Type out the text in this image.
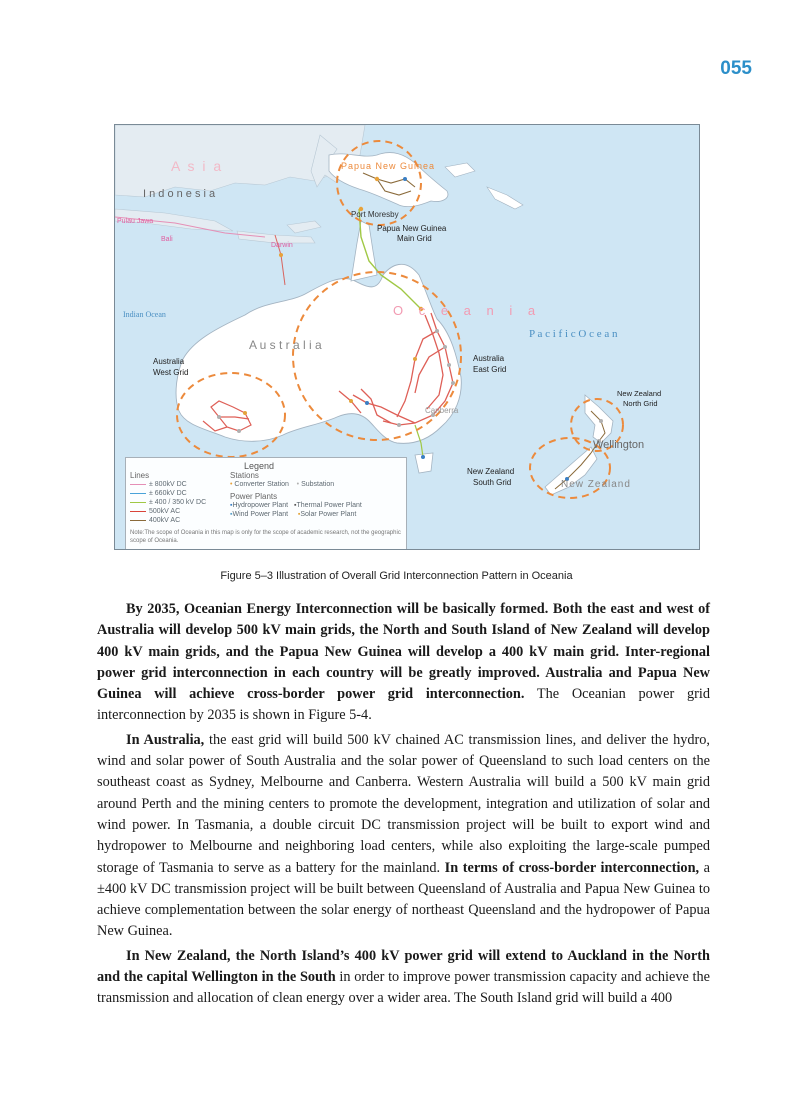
055
A s i a
I n d o n e s i a
Pulau Jawa
Bali
Darwin
Papua New Guinea
Port Moresby
Papua New Guinea
Main Grid
Indian Ocean
A u s t r a l i a
O c e a n i a
P a c i f i c O c e a n
Australia
West Grid
Australia
East Grid
Canberra
New Zealand
North Grid
Wellington
New Zealand
South Grid	New Zealand
Legend
Lines
± 800kV DC
± 660kV DC
± 400 / 350 kV DC
500kV AC
400kV AC
Stations
• Converter Station • Substation
Power Plants
▪Hydropower Plant ▪Thermal Power Plant
▪Wind Power Plant ▪Solar Power Plant
Note:The scope of Oceania in this map is only for the scope of academic research, not the geographic scope of Oceania.
Figure 5–3 Illustration of Overall Grid Interconnection Pattern in Oceania

By 2035, Oceanian Energy Interconnection will be basically formed. Both the east and west of Australia will develop 500 kV main grids, the North and South Island of New Zealand will develop 400 kV main grids, and the Papua New Guinea will develop a 400 kV main grid. Inter-regional power grid interconnection in each country will be greatly improved. Australia and Papua New Guinea will achieve cross-border power grid interconnection. The Oceanian power grid interconnection by 2035 is shown in Figure 5-4.

In Australia, the east grid will build 500 kV chained AC transmission lines, and deliver the hydro, wind and solar power of South Australia and the solar power of Queensland to such load centers on the southeast coast as Sydney, Melbourne and Canberra. Western Australia will build a 500 kV main grid around Perth and the mining centers to promote the development, integration and utilization of solar and wind power. In Tasmania, a double circuit DC transmission project will be built to export wind and hydropower to Melbourne and neighboring load centers, while also exploiting the large-scale pumped storage of Tasmania to serve as a battery for the mainland. In terms of cross-border interconnection, a ±400 kV DC transmission project will be built between Queensland of Australia and Papua New Guinea to achieve complementation between the solar energy of northeast Queensland and the hydropower of Papua New Guinea.

In New Zealand, the North Island’s 400 kV power grid will extend to Auckland in the North and the capital Wellington in the South in order to improve power transmission capacity and achieve the transmission and allocation of clean energy over a wider area. The South Island grid will build a 400
